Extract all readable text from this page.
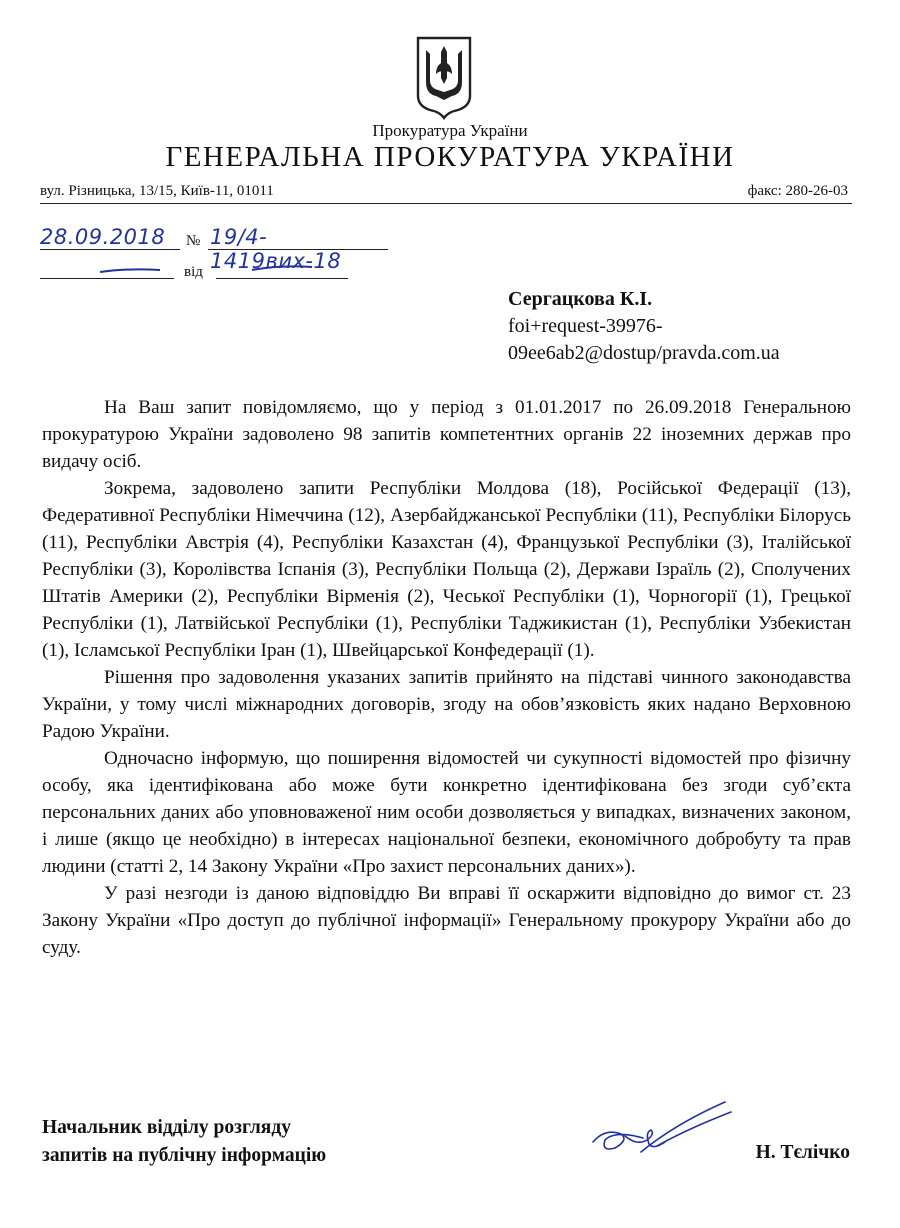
Прокуратура України
ГЕНЕРАЛЬНА ПРОКУРАТУРА УКРАЇНИ
вул. Різницька, 13/15, Київ-11, 01011	факс: 280-26-03
28.09.2018 № 19/4-1419вих-18
від
Сергацкова К.І.
foi+request-39976-
09ee6ab2@dostup/pravda.com.ua

На Ваш запит повідомляємо, що у період з 01.01.2017 по 26.09.2018 Генеральною прокуратурою України задоволено 98 запитів компетентних органів 22 іноземних держав про видачу осіб.

Зокрема, задоволено запити Республіки Молдова (18), Російської Федерації (13), Федеративної Республіки Німеччина (12), Азербайджанської Республіки (11), Республіки Білорусь (11), Республіки Австрія (4), Республіки Казахстан (4), Французької Республіки (3), Італійської Республіки (3), Королівства Іспанія (3), Республіки Польща (2), Держави Ізраїль (2), Сполучених Штатів Америки (2), Республіки Вірменія (2), Чеської Республіки (1), Чорногорії (1), Грецької Республіки (1), Латвійської Республіки (1), Республіки Таджикистан (1), Республіки Узбекистан (1), Ісламської Республіки Іран (1), Швейцарської Конфедерації (1).

Рішення про задоволення указаних запитів прийнято на підставі чинного законодавства України, у тому числі міжнародних договорів, згоду на обов’язковість яких надано Верховною Радою України.

Одночасно інформую, що поширення відомостей чи сукупності відомостей про фізичну особу, яка ідентифікована або може бути конкретно ідентифікована без згоди суб’єкта персональних даних або уповноваженої ним особи дозволяється у випадках, визначених законом, і лише (якщо це необхідно) в інтересах національної безпеки, економічного добробуту та прав людини (статті 2, 14 Закону України «Про захист персональних даних»).

У разі незгоди із даною відповіддю Ви вправі її оскаржити відповідно до вимог ст. 23 Закону України «Про доступ до публічної інформації» Генеральному прокурору України або до суду.

Начальник відділу розгляду
запитів на публічну інформацію	Н. Тєлічко
